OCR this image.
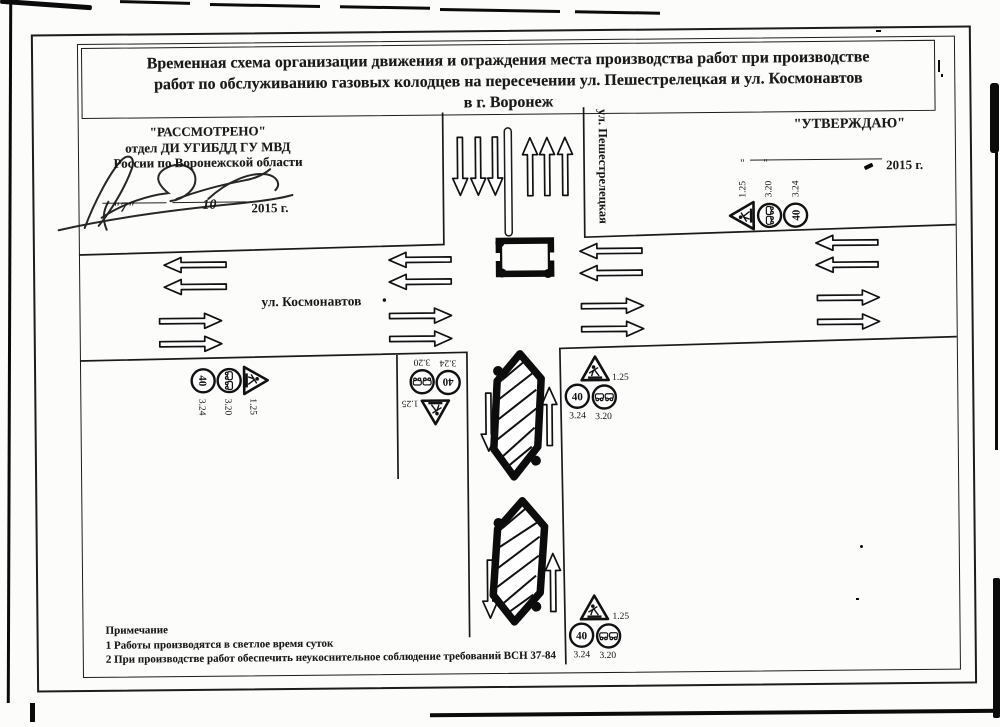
Временная схема организации движения и ограждения места производства работ при производстве
работ по обслуживанию газовых колодцев на пересечении ул. Пешестрелецкая и ул. Космонавтов
в г. Воронеж
"РАССМОТРЕНО"
отдел ДИ УГИБДД ГУ МВД
России по Воронежской области
"7"	10	2015 г.
"УТВЕРЖДАЮ"
" "	2015 г.
ул. Космонавтов
ул. Пешестрелецкая	40
1.25 3.20 3.24
40
3.24 3.20 1.25	1.25
40
3.24
3.20
1.25
40
3.24 3.20
1.25
40
3.24 3.20
Примечание
1 Работы производятся в светлое время суток
2 При производстве работ обеспечить неукоснительное соблюдение требований ВСН 37-84
